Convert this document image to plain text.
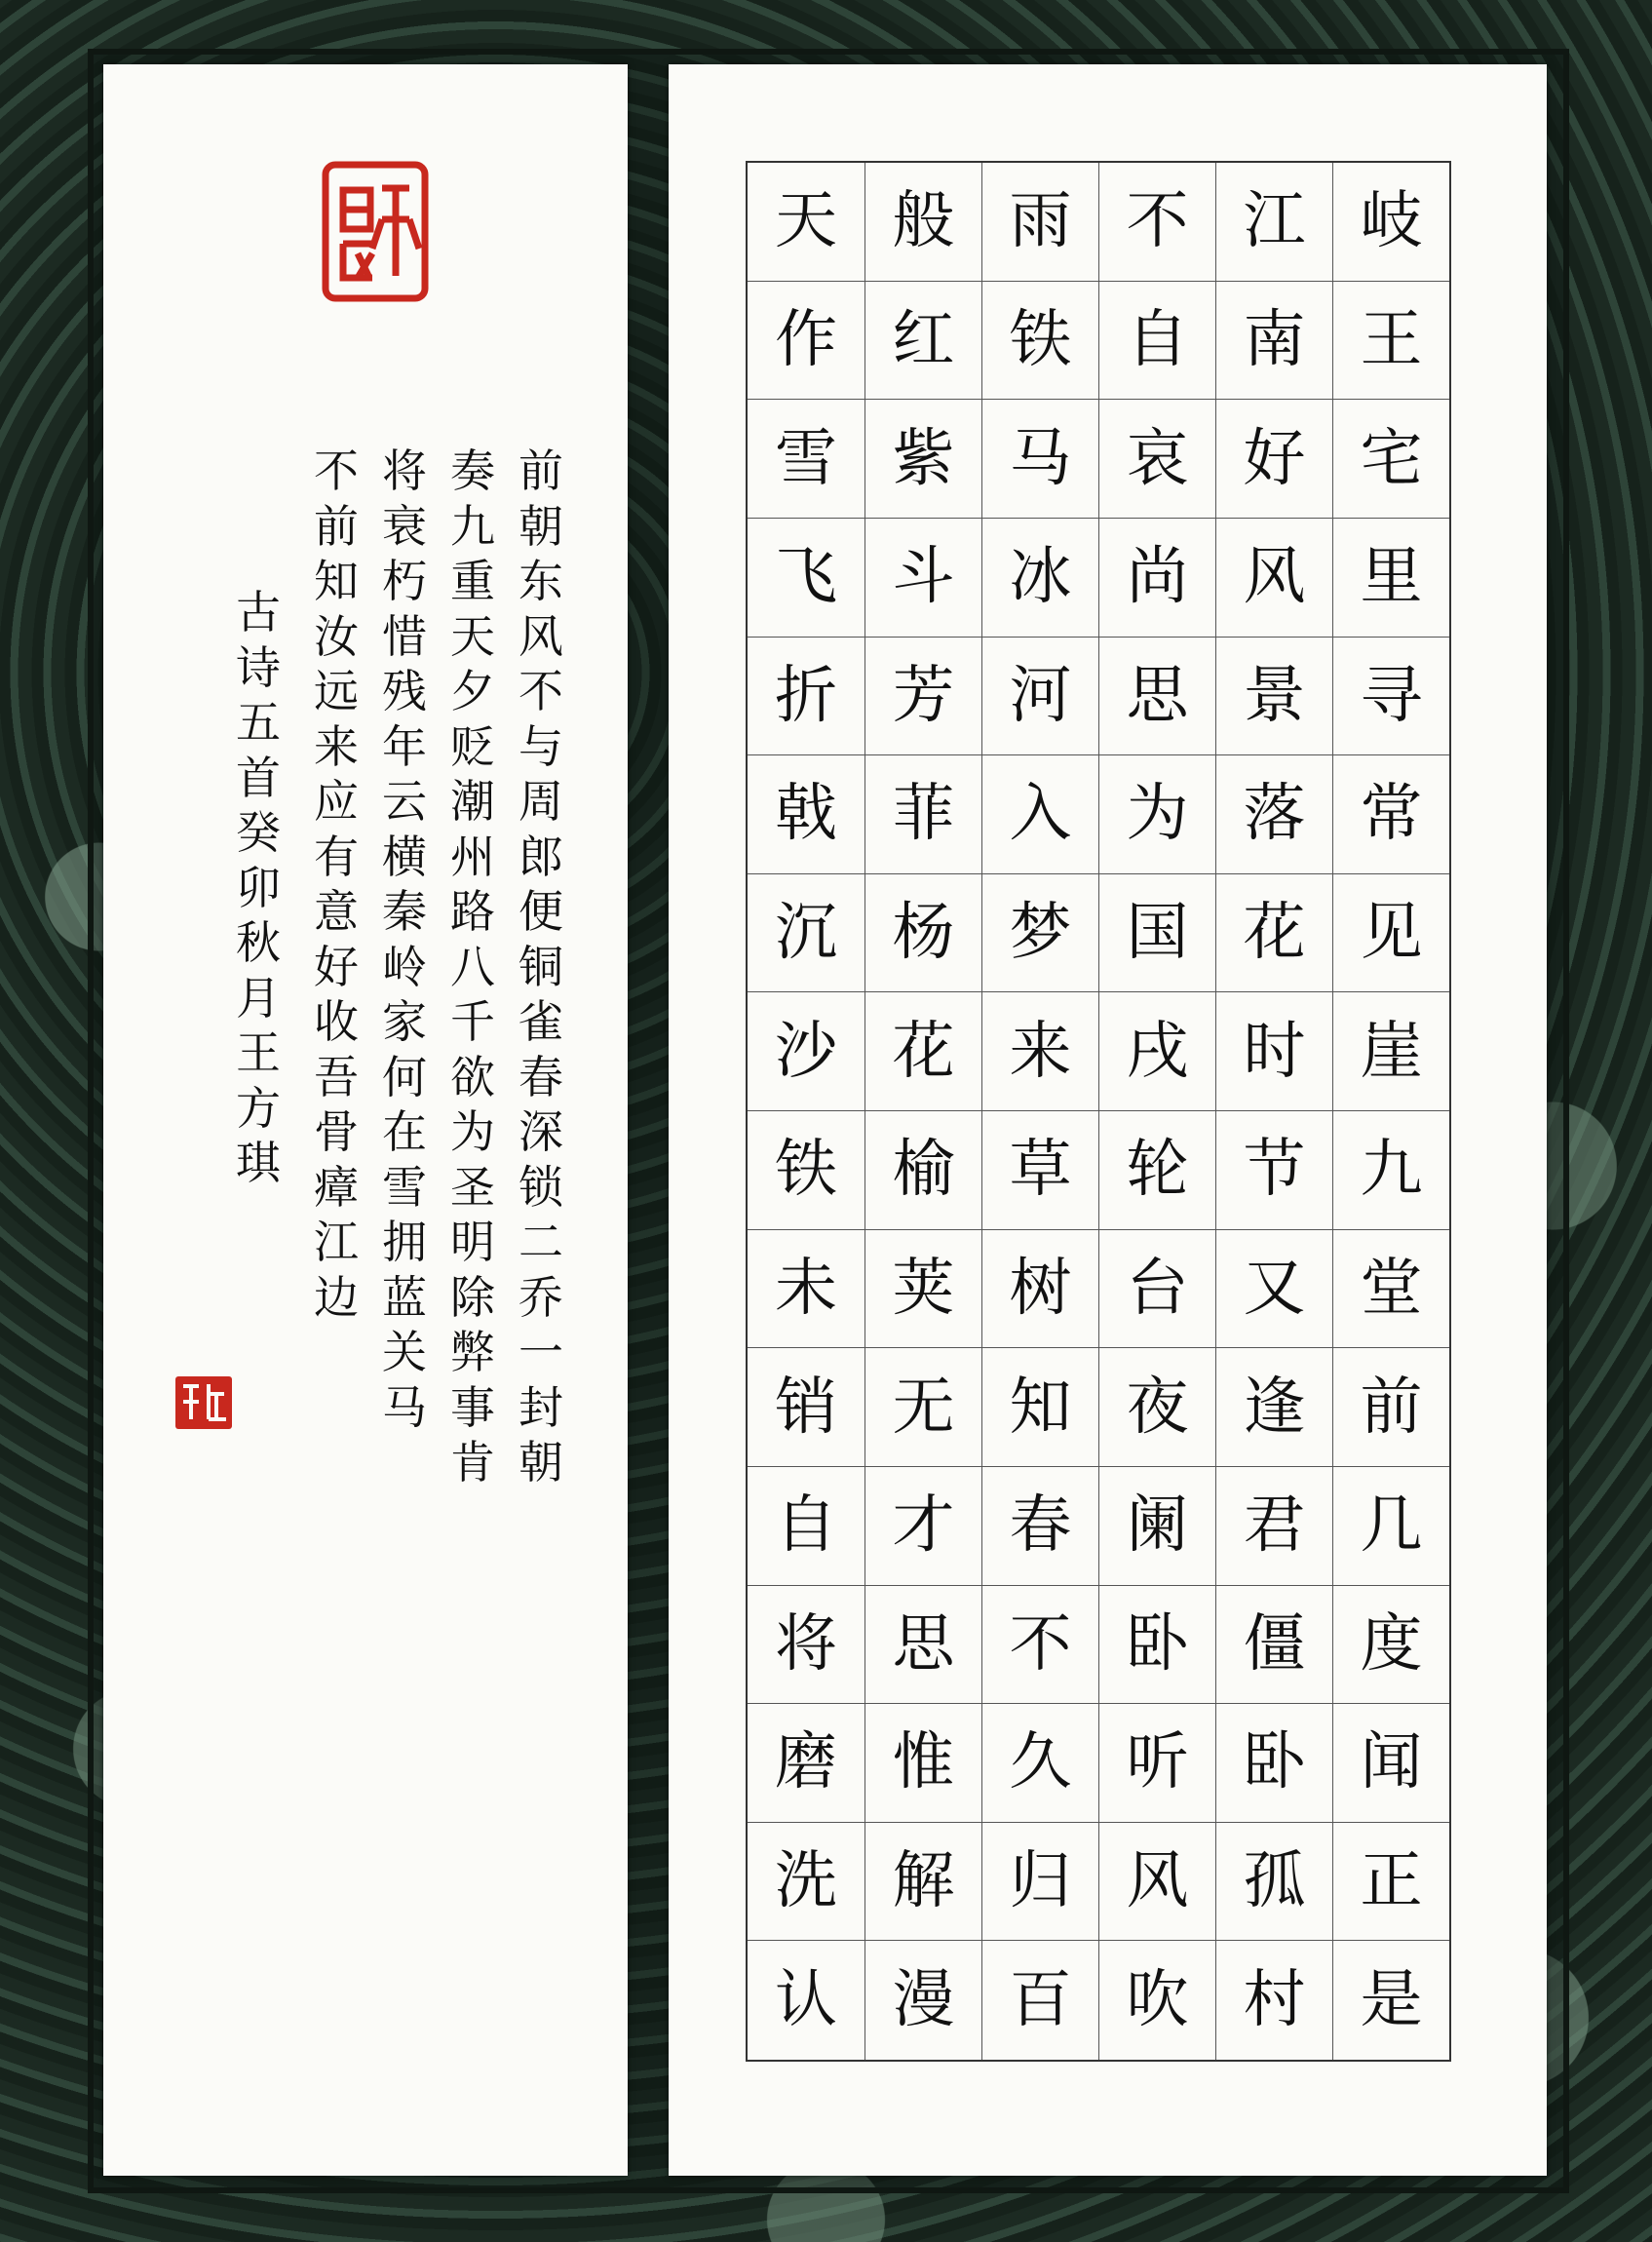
前
朝
东
风
不
与
周
郎
便
铜
雀
春
深
锁
二
乔
一
封
朝
奏
九
重
天
夕
贬
潮
州
路
八
千
欲
为
圣
明
除
弊
事
肯
将
衰
朽
惜
残
年
云
横
秦
岭
家
何
在
雪
拥
蓝
关
马
不
前
知
汝
远
来
应
有
意
好
收
吾
骨
瘴
江
边
古
诗
五
首
癸
卯
秋
月
王
方
琪
岐
王
宅
里
寻
常
见
崖
九
堂
前
几
度
闻
正
是
江
南
好
风
景
落
花
时
节
又
逢
君
僵
卧
孤
村
不
自
哀
尚
思
为
国
戌
轮
台
夜
阑
卧
听
风
吹
雨
铁
马
冰
河
入
梦
来
草
树
知
春
不
久
归
百
般
红
紫
斗
芳
菲
杨
花
榆
荚
无
才
思
惟
解
漫
天
作
雪
飞
折
戟
沉
沙
铁
未
销
自
将
磨
洗
认
